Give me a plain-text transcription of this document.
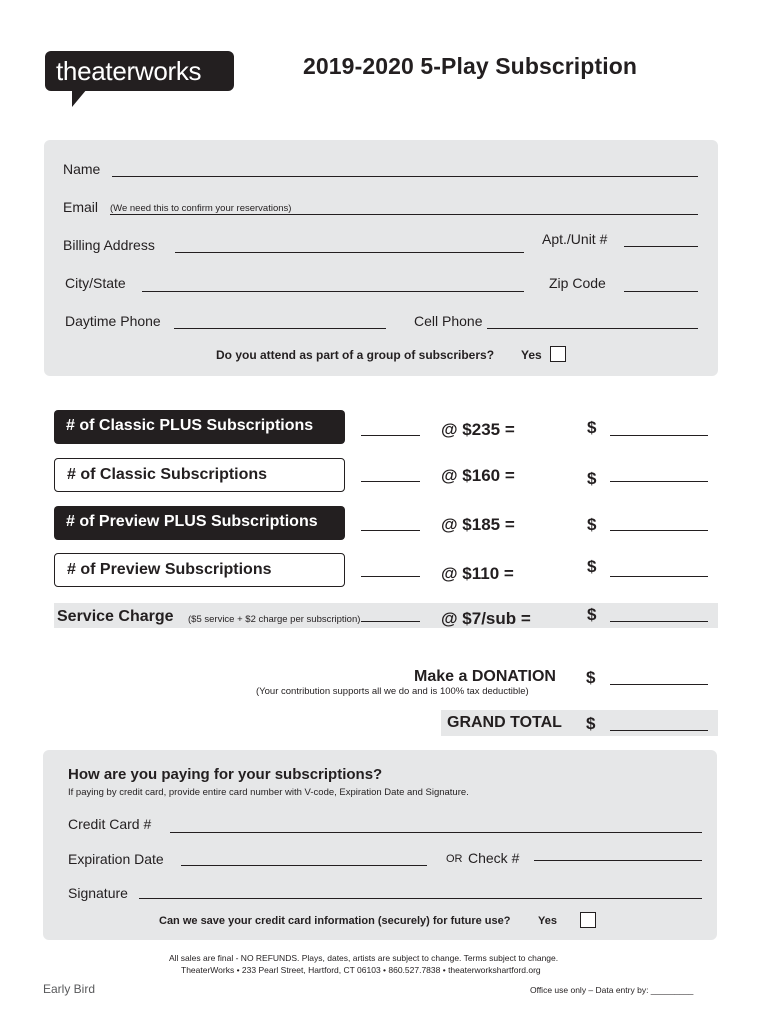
theaterworks	2019-2020 5-Play Subscription
Name
Email (We need this to confirm your reservations)
Billing Address	Apt./Unit #
City/State	Zip Code
Daytime Phone	Cell Phone
Do you attend as part of a group of subscribers? Yes
# of Classic PLUS Subscriptions	@ $235 =	$
# of Classic Subscriptions	@ $160 =	$
# of Preview PLUS Subscriptions	@ $185 =	$
# of Preview Subscriptions	@ $110 =	$
Service Charge ($5 service + $2 charge per subscription)	@ $7/sub =	$
Make a DONATION $
(Your contribution supports all we do and is 100% tax deductible)
GRAND TOTAL $
How are you paying for your subscriptions?
If paying by credit card, provide entire card number with V-code, Expiration Date and Signature.
Credit Card #
Expiration Date	OR Check #
Signature
Can we save your credit card information (securely) for future use?	Yes
All sales are final - NO REFUNDS. Plays, dates, artists are subject to change. Terms subject to change.
TheaterWorks • 233 Pearl Street, Hartford, CT 06103 • 860.527.7838 • theaterworkshartford.org
Early Bird	Office use only – Data entry by: _________
